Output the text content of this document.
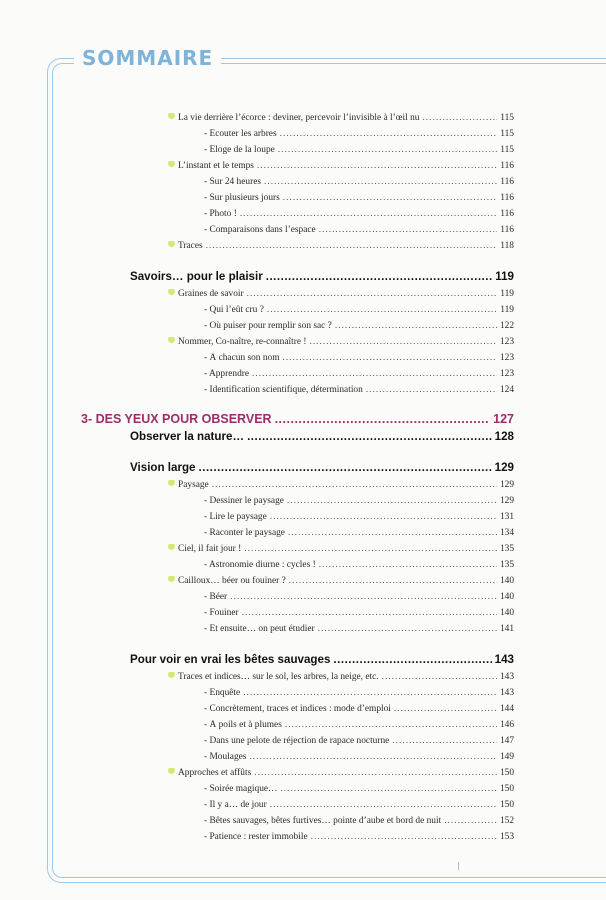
SOMMAIRE
La vie derrière l’écorce : deviner, percevoir l’invisible à l’œil nu .....	115
- Écouter les arbres .....	115
- Éloge de la loupe .....	115
L’instant et le temps .....	116
- Sur 24 heures .....	116
- Sur plusieurs jours .....	116
- Photo ! .....	116
- Comparaisons dans l’espace .....	116
Traces .....	118
Savoirs… pour le plaisir .....	119
Graines de savoir .....	119
- Qui l’eût cru ? .....	119
- Où puiser pour remplir son sac ? .....	122
Nommer, Co-naître, re-connaître ! .....	123
- À chacun son nom .....	123
- Apprendre .....	123
- Identification scientifique, détermination .....	124
3- DES YEUX POUR OBSERVER .....	127
Observer la nature… .....	128
Vision large .....	129
Paysage .....	129
- Dessiner le paysage .....	129
- Lire le paysage .....	131
- Raconter le paysage .....	134
Ciel, il fait jour ! .....	135
- Astronomie diurne : cycles ! .....	135
Cailloux… béer ou fouiner ? .....	140
- Béer .....	140
- Fouiner .....	140
- Et ensuite… on peut étudier .....	141
Pour voir en vrai les bêtes sauvages .....	143
Traces et indices… sur le sol, les arbres, la neige, etc. .....	143
- Enquête .....	143
- Concrètement, traces et indices : mode d’emploi .....	144
- À poils et à plumes .....	146
- Dans une pelote de réjection de rapace nocturne .....	147
- Moulages .....	149
Approches et affûts .....	150
- Soirée magique… .....	150
- Il y a… de jour .....	150
- Bêtes sauvages, bêtes furtives… pointe d’aube et bord de nuit .....	152
- Patience : rester immobile .....	153
